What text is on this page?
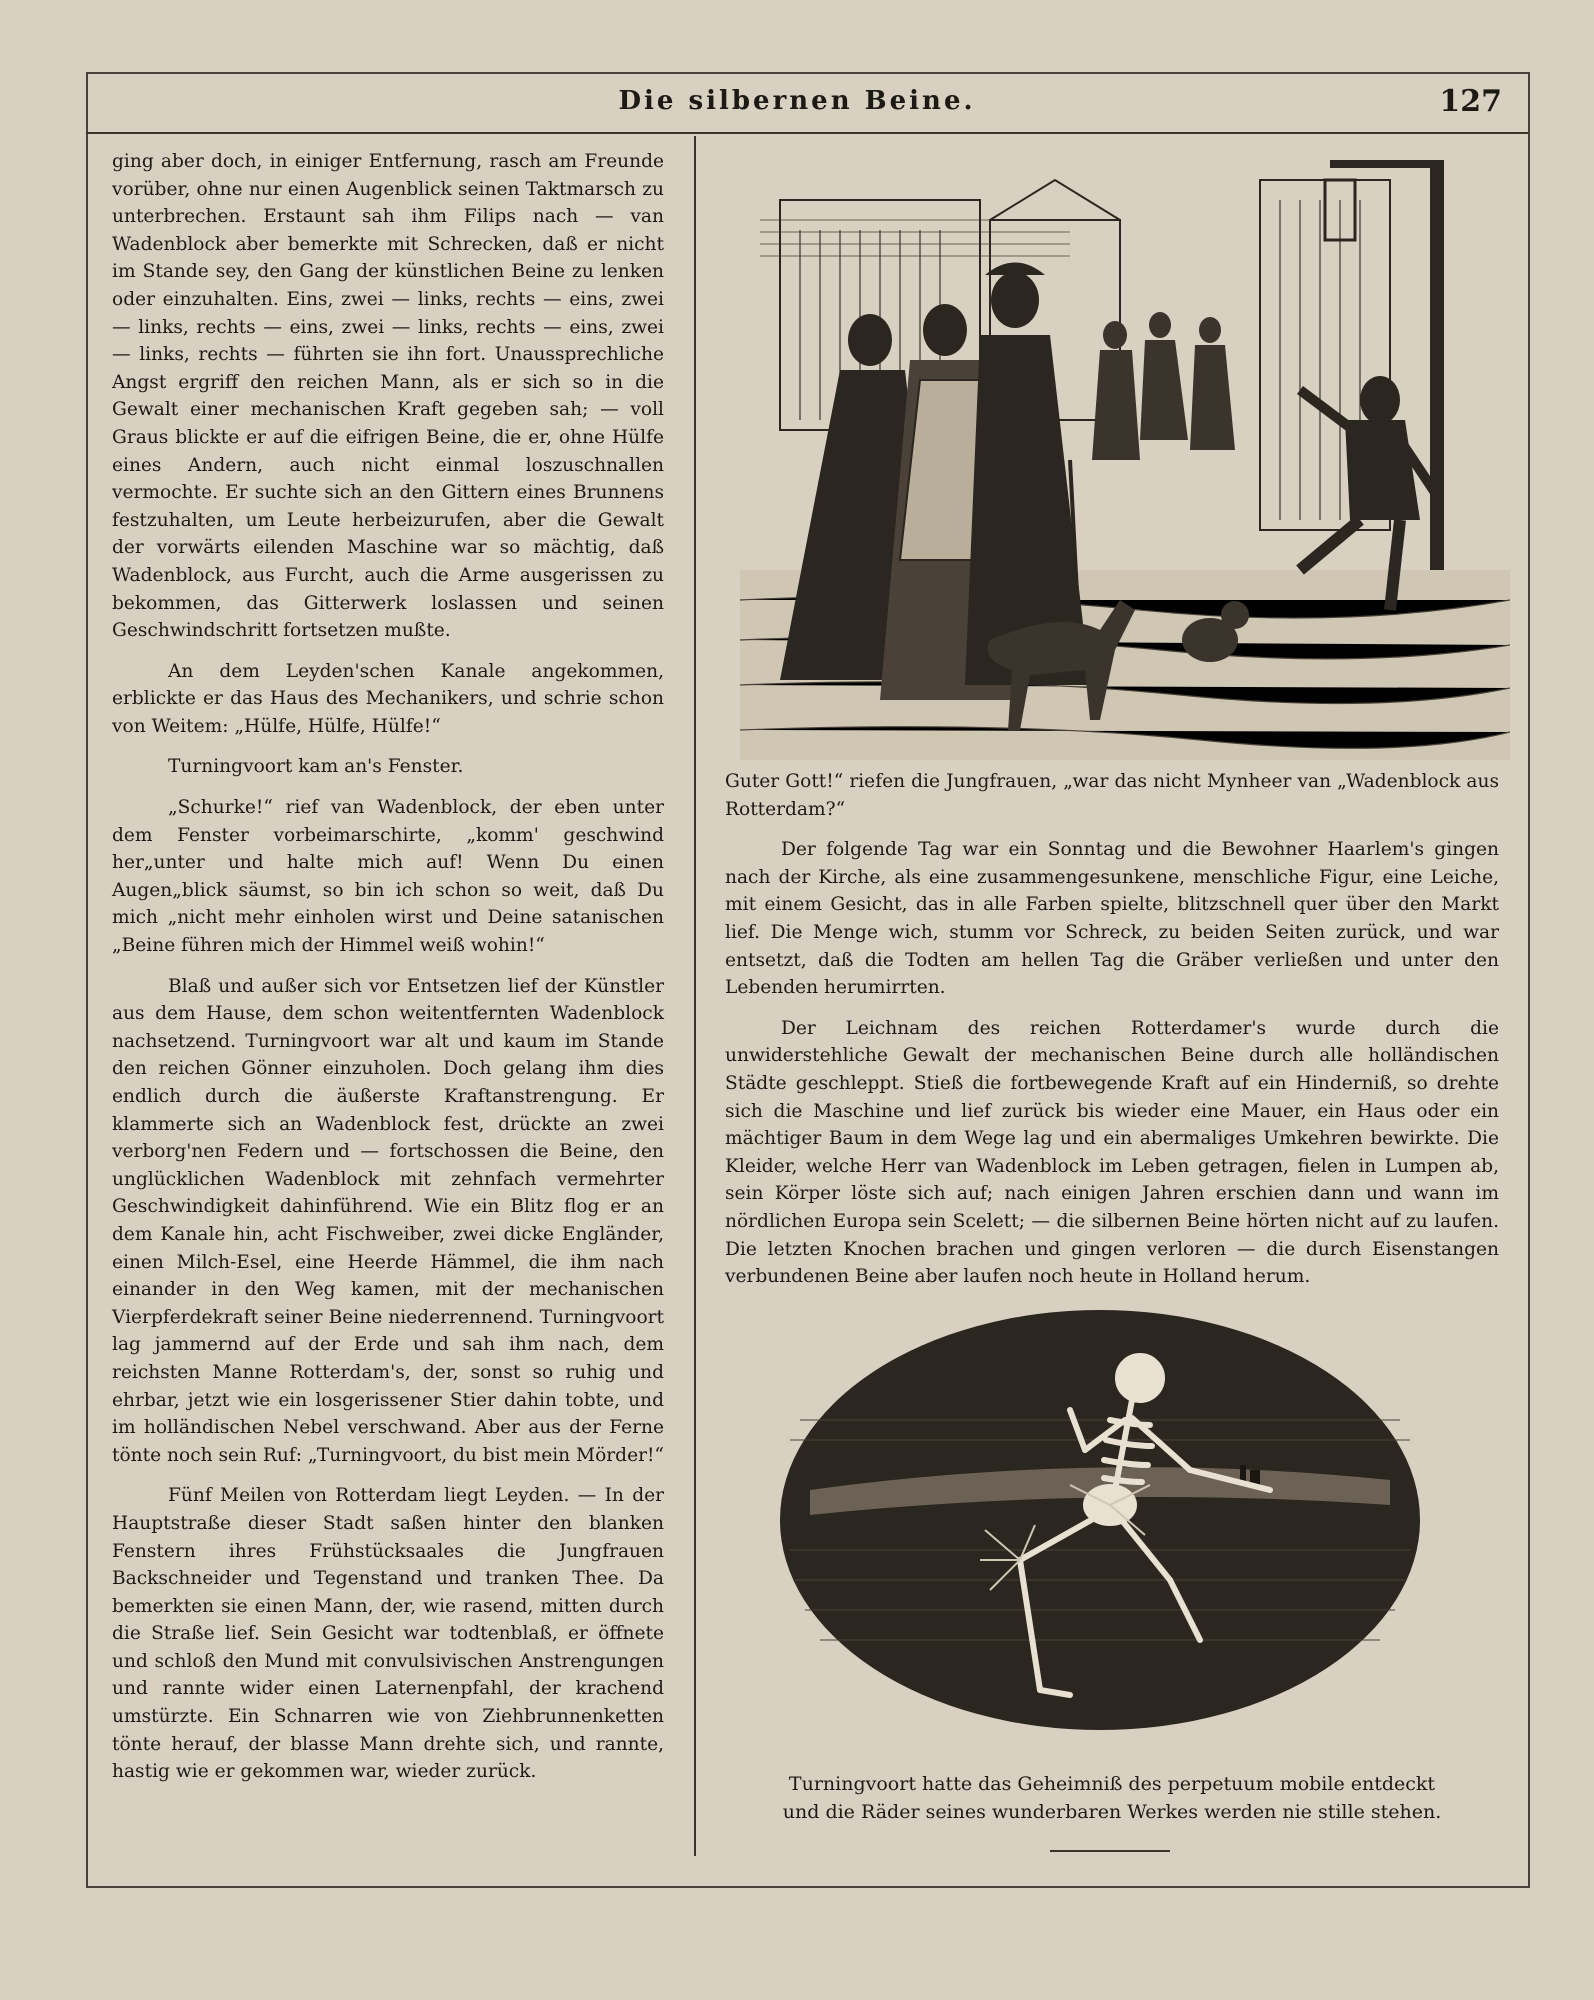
Die silbernen Beine.	127

ging aber doch, in einiger Entfernung, rasch am Freunde vorüber, ohne nur einen Augenblick seinen Taktmarsch zu unterbrechen. Erstaunt sah ihm Filips nach — van Wadenblock aber bemerkte mit Schrecken, daß er nicht im Stande sey, den Gang der künstlichen Beine zu lenken oder einzuhalten. Eins, zwei — links, rechts — eins, zwei — links, rechts — eins, zwei — links, rechts — eins, zwei — links, rechts — führten sie ihn fort. Unaussprechliche Angst ergriff den reichen Mann, als er sich so in die Gewalt einer mechanischen Kraft gegeben sah; — voll Graus blickte er auf die eifrigen Beine, die er, ohne Hülfe eines Andern, auch nicht einmal loszuschnallen vermochte. Er suchte sich an den Gittern eines Brunnens festzuhalten, um Leute herbeizurufen, aber die Gewalt der vorwärts eilenden Maschine war so mächtig, daß Wadenblock, aus Furcht, auch die Arme ausgerissen zu bekommen, das Gitterwerk loslassen und seinen Geschwindschritt fortsetzen mußte.

An dem Leyden'schen Kanale angekommen, erblickte er das Haus des Mechanikers, und schrie schon von Weitem: „Hülfe, Hülfe, Hülfe!“

Turningvoort kam an's Fenster.

„Schurke!“ rief van Wadenblock, der eben unter dem Fenster vorbeimarschirte, „komm' geschwind her„unter und halte mich auf! Wenn Du einen Augen„blick säumst, so bin ich schon so weit, daß Du mich „nicht mehr einholen wirst und Deine satanischen „Beine führen mich der Himmel weiß wohin!“

Blaß und außer sich vor Entsetzen lief der Künstler aus dem Hause, dem schon weitentfernten Wadenblock nachsetzend. Turningvoort war alt und kaum im Stande den reichen Gönner einzuholen. Doch gelang ihm dies endlich durch die äußerste Kraftanstrengung. Er klammerte sich an Wadenblock fest, drückte an zwei verborg'nen Federn und — fortschossen die Beine, den unglücklichen Wadenblock mit zehnfach vermehrter Geschwindigkeit dahinführend. Wie ein Blitz flog er an dem Kanale hin, acht Fischweiber, zwei dicke Engländer, einen Milch-Esel, eine Heerde Hämmel, die ihm nach einander in den Weg kamen, mit der mechanischen Vierpferdekraft seiner Beine niederrennend. Turningvoort lag jammernd auf der Erde und sah ihm nach, dem reichsten Manne Rotterdam's, der, sonst so ruhig und ehrbar, jetzt wie ein losgerissener Stier dahin tobte, und im holländischen Nebel verschwand. Aber aus der Ferne tönte noch sein Ruf: „Turningvoort, du bist mein Mörder!“

Fünf Meilen von Rotterdam liegt Leyden. — In der Hauptstraße dieser Stadt saßen hinter den blanken Fenstern ihres Frühstücksaales die Jungfrauen Backschneider und Tegenstand und tranken Thee. Da bemerkten sie einen Mann, der, wie rasend, mitten durch die Straße lief. Sein Gesicht war todtenblaß, er öffnete und schloß den Mund mit convulsivischen Anstrengungen und rannte wider einen Laternenpfahl, der krachend umstürzte. Ein Schnarren wie von Ziehbrunnenketten tönte herauf, der blasse Mann drehte sich, und rannte, hastig wie er gekommen war, wieder zurück.

Guter Gott!“ riefen die Jungfrauen, „war das nicht Mynheer van „Wadenblock aus Rotterdam?“

Der folgende Tag war ein Sonntag und die Bewohner Haarlem's gingen nach der Kirche, als eine zusammengesunkene, menschliche Figur, eine Leiche, mit einem Gesicht, das in alle Farben spielte, blitzschnell quer über den Markt lief. Die Menge wich, stumm vor Schreck, zu beiden Seiten zurück, und war entsetzt, daß die Todten am hellen Tag die Gräber verließen und unter den Lebenden herumirrten.

Der Leichnam des reichen Rotterdamer's wurde durch die unwiderstehliche Gewalt der mechanischen Beine durch alle holländischen Städte geschleppt. Stieß die fortbewegende Kraft auf ein Hinderniß, so drehte sich die Maschine und lief zurück bis wieder eine Mauer, ein Haus oder ein mächtiger Baum in dem Wege lag und ein abermaliges Umkehren bewirkte. Die Kleider, welche Herr van Wadenblock im Leben getragen, fielen in Lumpen ab, sein Körper löste sich auf; nach einigen Jahren erschien dann und wann im nördlichen Europa sein Scelett; — die silbernen Beine hörten nicht auf zu laufen. Die letzten Knochen brachen und gingen verloren — die durch Eisenstangen verbundenen Beine aber laufen noch heute in Holland herum.

Turningvoort hatte das Geheimniß des perpetuum mobile entdeckt

und die Räder seines wunderbaren Werkes werden nie stille stehen.
